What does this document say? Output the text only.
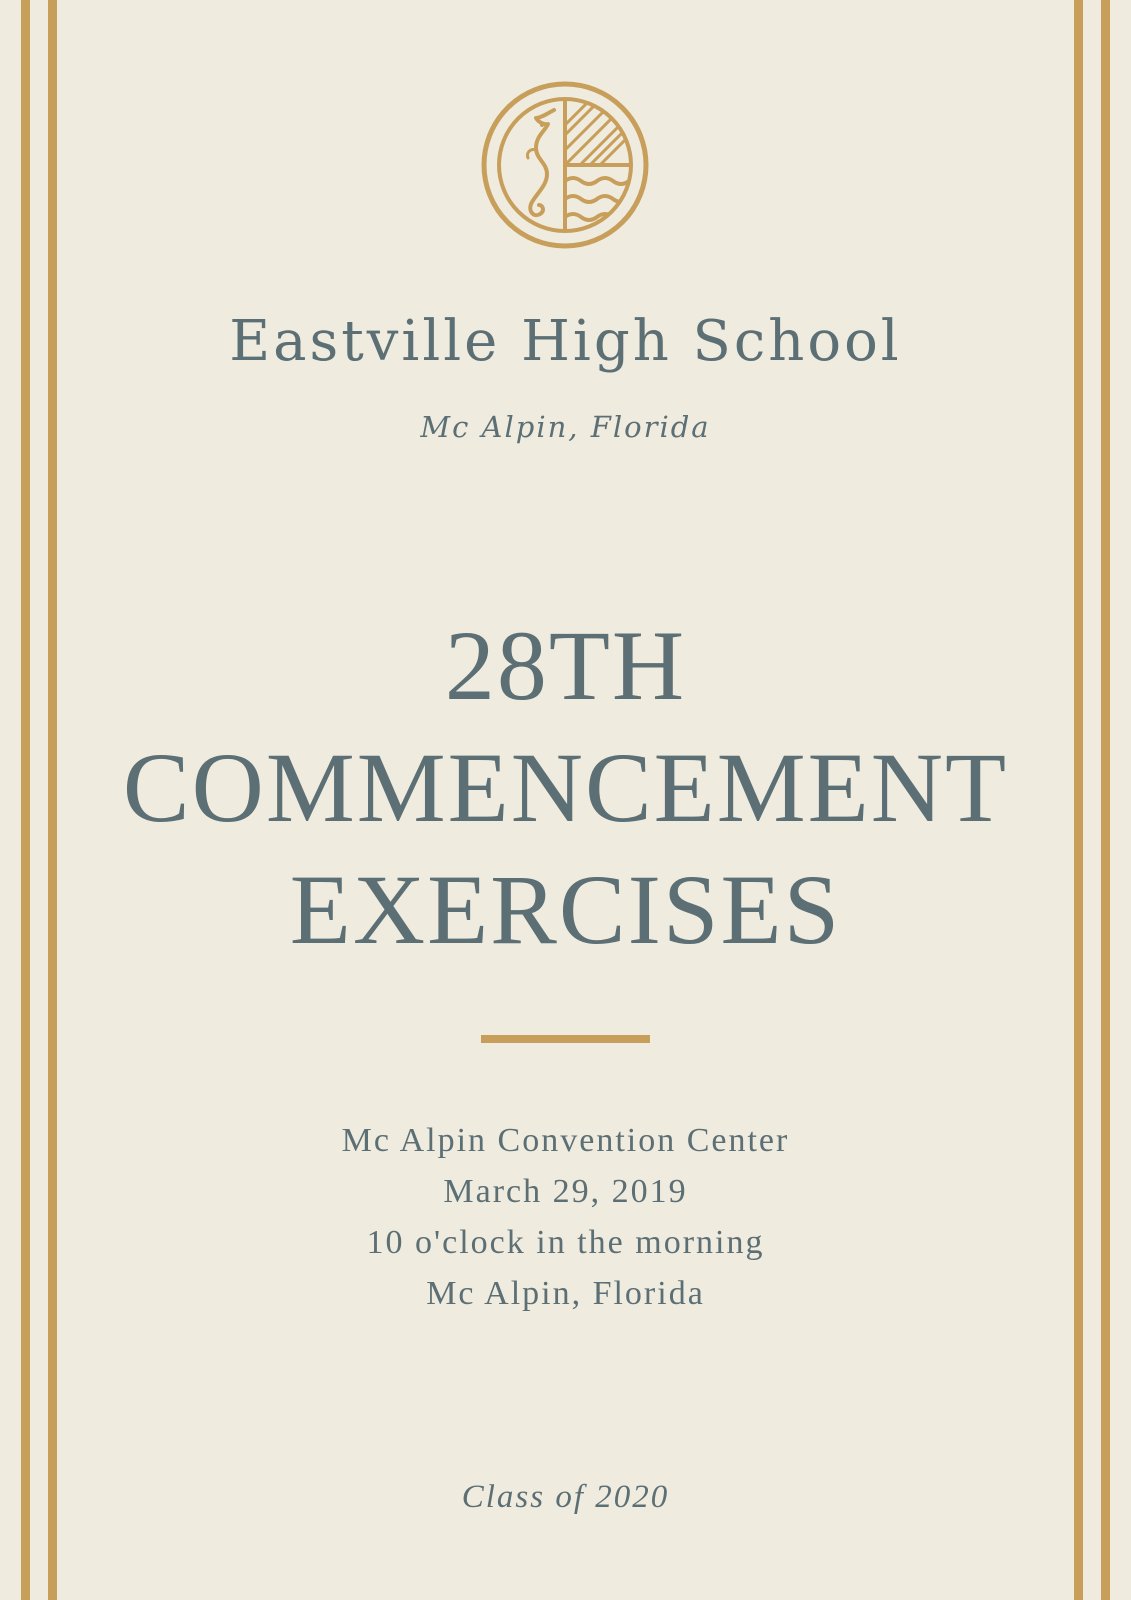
Eastville High School
Mc Alpin, Florida
28TH
COMMENCEMENT
EXERCISES
Mc Alpin Convention Center
March 29, 2019
10 o'clock in the morning
Mc Alpin, Florida
Class of 2020
